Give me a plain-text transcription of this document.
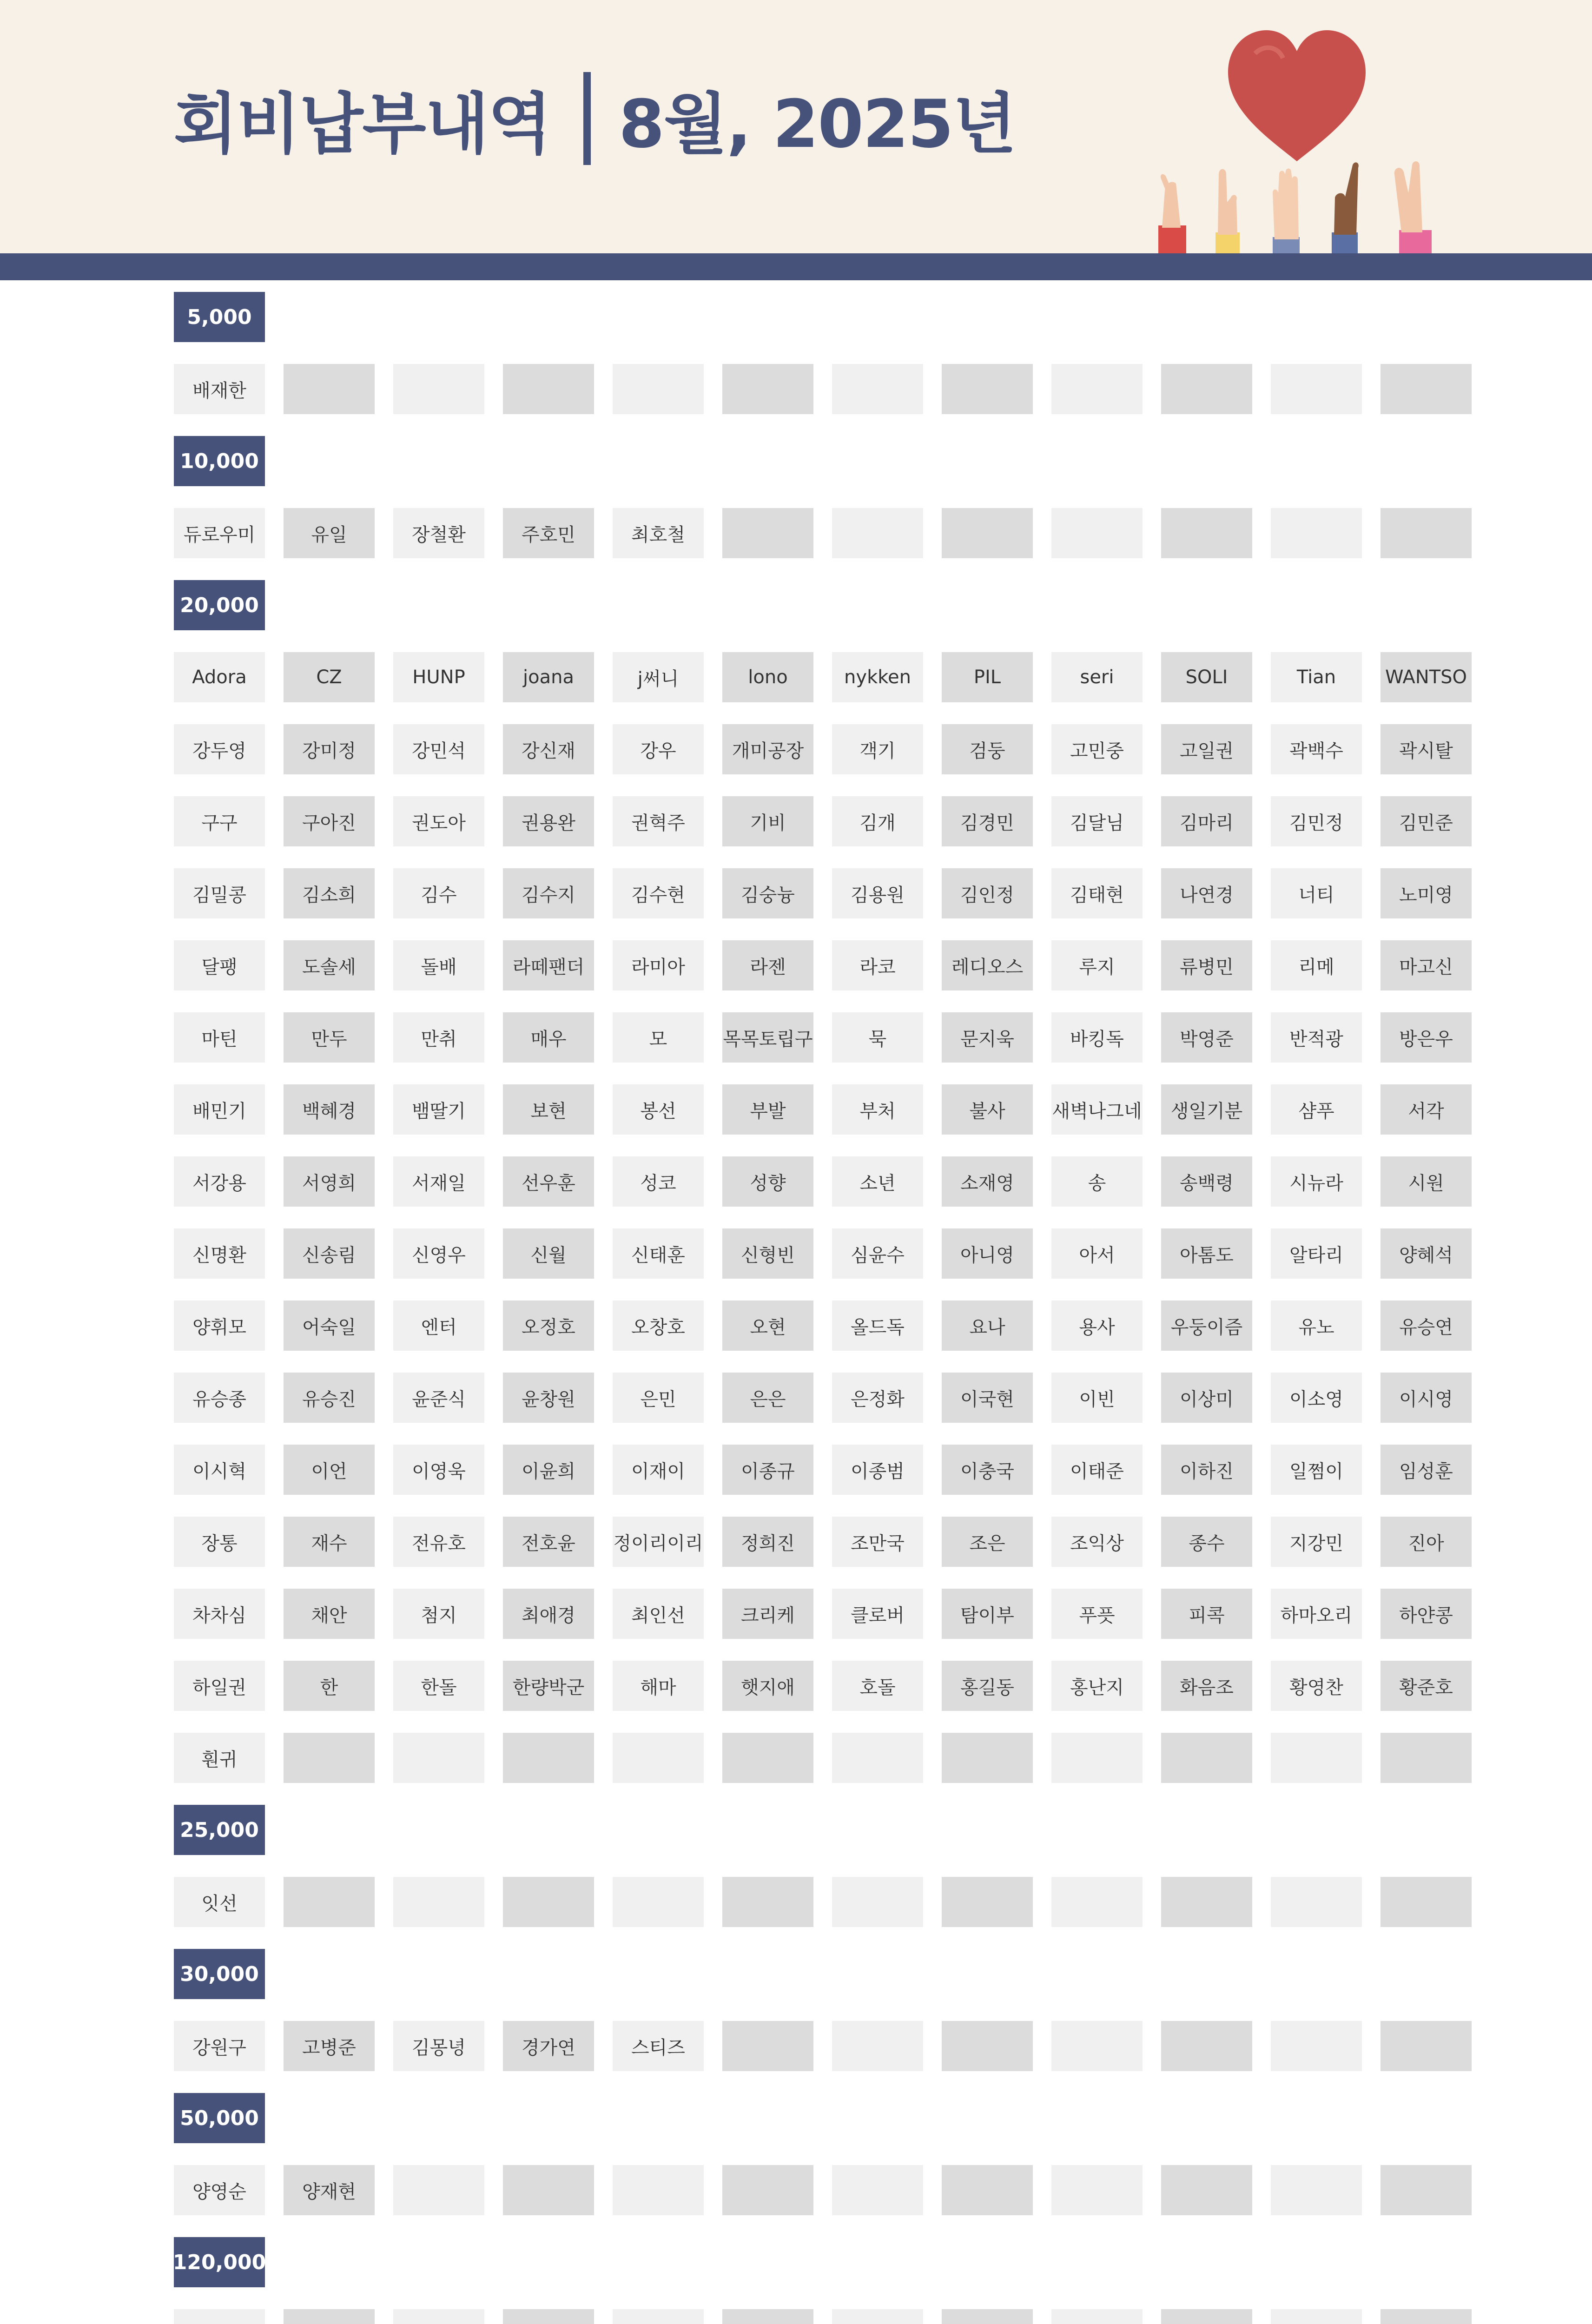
회비납부내역 8월, 2025년
5,000
배재한
10,000
듀로우미	유일	장철환	주호민	최호철
20,000
Adora	CZ	HUNP	joana	j써니	lono	nykken	PIL	seri	SOLI	Tian	WANTSO
강두영	강미정	강민석	강신재	강우	개미공장	객기	검둥	고민중	고일권	곽백수	곽시탈
구구	구아진	권도아	권용완	권혁주	기비	김개	김경민	김달님	김마리	김민정	김민준
김밀콩	김소희	김수	김수지	김수현	김숭늉	김용원	김인정	김태현	나연경	너티	노미영
달팽	도솔세	돌배	라떼팬더	라미아	라젠	라코	레디오스	루지	류병민	리메	마고신
마틴	만두	만취	매우	모	목목토립구	묵	문지욱	바킹독	박영준	반적광	방은우
배민기	백혜경	뱀딸기	보현	봉선	부발	부처	불사	새벽나그네	생일기분	샴푸	서각
서강용	서영희	서재일	선우훈	성코	성향	소년	소재영	송	송백령	시뉴라	시원
신명환	신송림	신영우	신월	신태훈	신형빈	심윤수	아니영	아서	아톰도	알타리	양혜석
양휘모	어숙일	엔터	오정호	오창호	오현	올드독	요나	용사	우둥이즘	유노	유승연
유승종	유승진	윤준식	윤창원	은민	은은	은정화	이국현	이빈	이상미	이소영	이시영
이시혁	이언	이영욱	이윤희	이재이	이종규	이종범	이충국	이태준	이하진	일쩜이	임성훈
장통	재수	전유호	전호윤	정이리이리	정희진	조만국	조은	조익상	종수	지강민	진아
차차심	채안	첨지	최애경	최인선	크리케	클로버	탐이부	푸픗	피콕	하마오리	하얀콩
하일권	한	한돌	한량박군	해마	햇지애	호돌	홍길동	홍난지	화음조	황영찬	황준호
훤귀
25,000
잇선
30,000
강원구	고병준	김몽녕	경가연	스티즈
50,000
양영순	양재현
120,000
